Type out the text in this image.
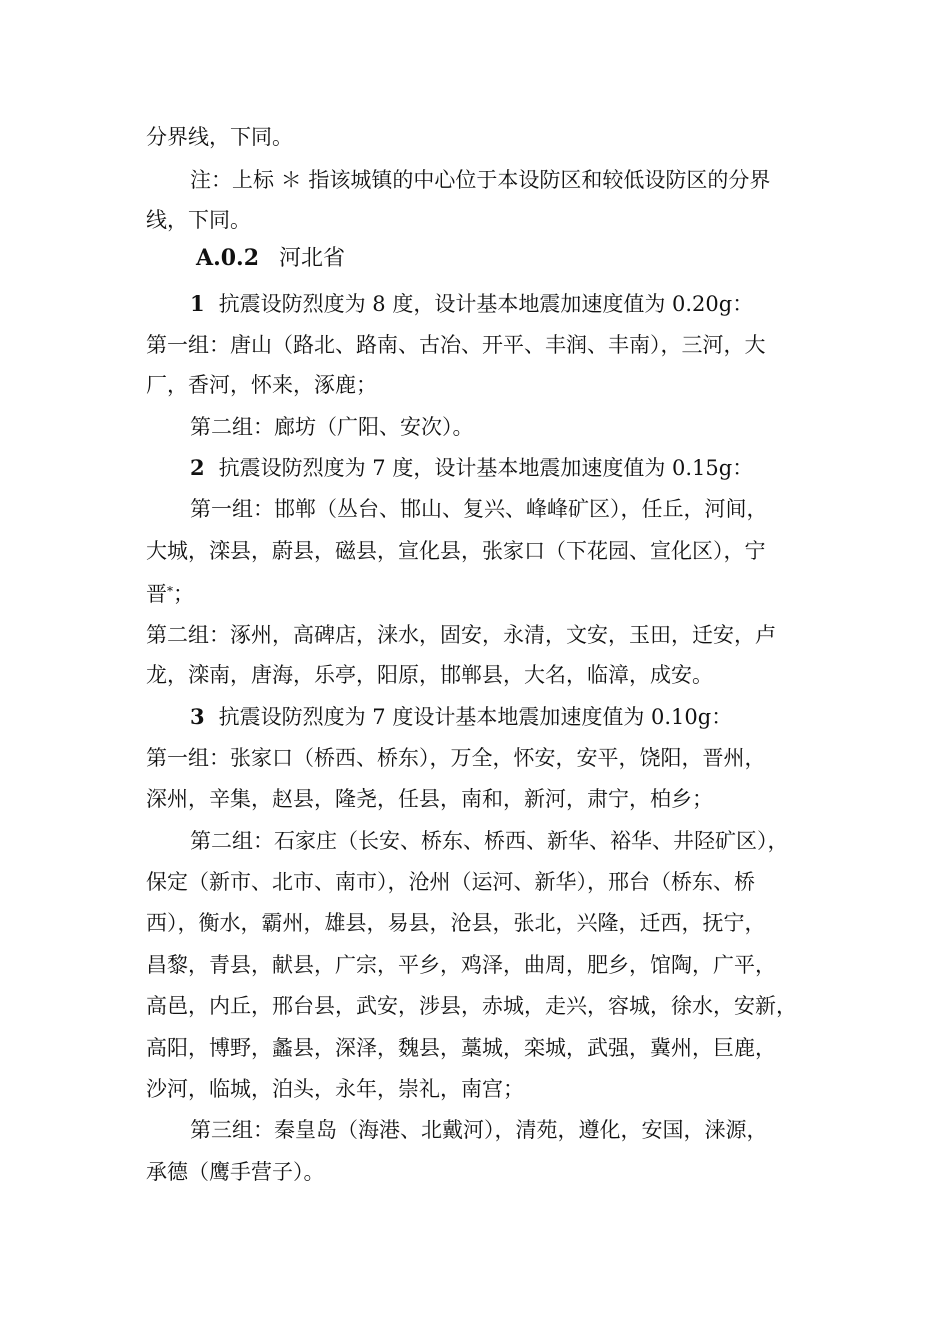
分界线，下同。
注：上标 ＊ 指该城镇的中心位于本设防区和较低设防区的分界
线，下同。
A.0.2 河北省
1 抗震设防烈度为 8 度，设计基本地震加速度值为 0.20g：
第一组：唐山（路北、路南、古冶、开平、丰润、丰南），三河，大
厂，香河，怀来，涿鹿；
第二组：廊坊（广阳、安次）。
2 抗震设防烈度为 7 度，设计基本地震加速度值为 0.15g：
第一组：邯郸（丛台、邯山、复兴、峰峰矿区），任丘，河间，
大城，滦县，蔚县，磁县，宣化县，张家口（下花园、宣化区），宁
晋*；
第二组：涿州，高碑店，涞水，固安，永清，文安，玉田，迁安，卢
龙，滦南，唐海，乐亭，阳原，邯郸县，大名，临漳，成安。
3 抗震设防烈度为 7 度设计基本地震加速度值为 0.10g：
第一组：张家口（桥西、桥东），万全，怀安，安平，饶阳，晋州，
深州，辛集，赵县，隆尧，任县，南和，新河，肃宁，柏乡；
第二组：石家庄（长安、桥东、桥西、新华、裕华、井陉矿区），
保定（新市、北市、南市），沧州（运河、新华），邢台（桥东、桥
西），衡水，霸州，雄县，易县，沧县，张北，兴隆，迁西，抚宁，
昌黎，青县，献县，广宗，平乡，鸡泽，曲周，肥乡，馆陶，广平，
高邑，内丘，邢台县，武安，涉县，赤城，走兴，容城，徐水，安新，
高阳，博野，蠡县，深泽，魏县，藁城，栾城，武强，冀州，巨鹿，
沙河，临城，泊头，永年，崇礼，南宫；
第三组：秦皇岛（海港、北戴河），清苑，遵化，安国，涞源，
承德（鹰手营子）。
